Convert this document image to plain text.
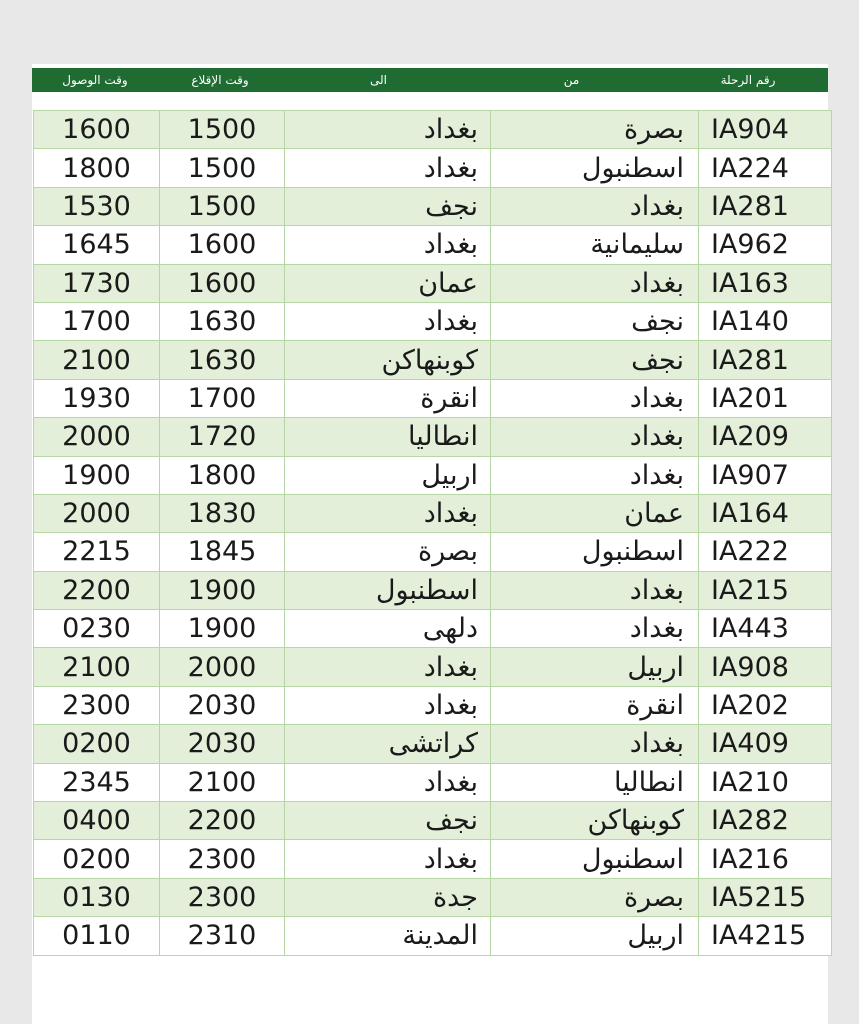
وقت الوصول	وقت الإقلاع	الى	من	رقم الرحلة
1600	1500	بغداد	بصرة	IA904
1800	1500	بغداد	اسطنبول	IA224
1530	1500	نجف	بغداد	IA281
1645	1600	بغداد	سليمانية	IA962
1730	1600	عمان	بغداد	IA163
1700	1630	بغداد	نجف	IA140
2100	1630	كوبنهاكن	نجف	IA281
1930	1700	انقرة	بغداد	IA201
2000	1720	انطاليا	بغداد	IA209
1900	1800	اربيل	بغداد	IA907
2000	1830	بغداد	عمان	IA164
2215	1845	بصرة	اسطنبول	IA222
2200	1900	اسطنبول	بغداد	IA215
0230	1900	دلهى	بغداد	IA443
2100	2000	بغداد	اربيل	IA908
2300	2030	بغداد	انقرة	IA202
0200	2030	كراتشى	بغداد	IA409
2345	2100	بغداد	انطاليا	IA210
0400	2200	نجف	كوبنهاكن	IA282
0200	2300	بغداد	اسطنبول	IA216
0130	2300	جدة	بصرة	IA5215
0110	2310	المدينة	اربيل	IA4215
